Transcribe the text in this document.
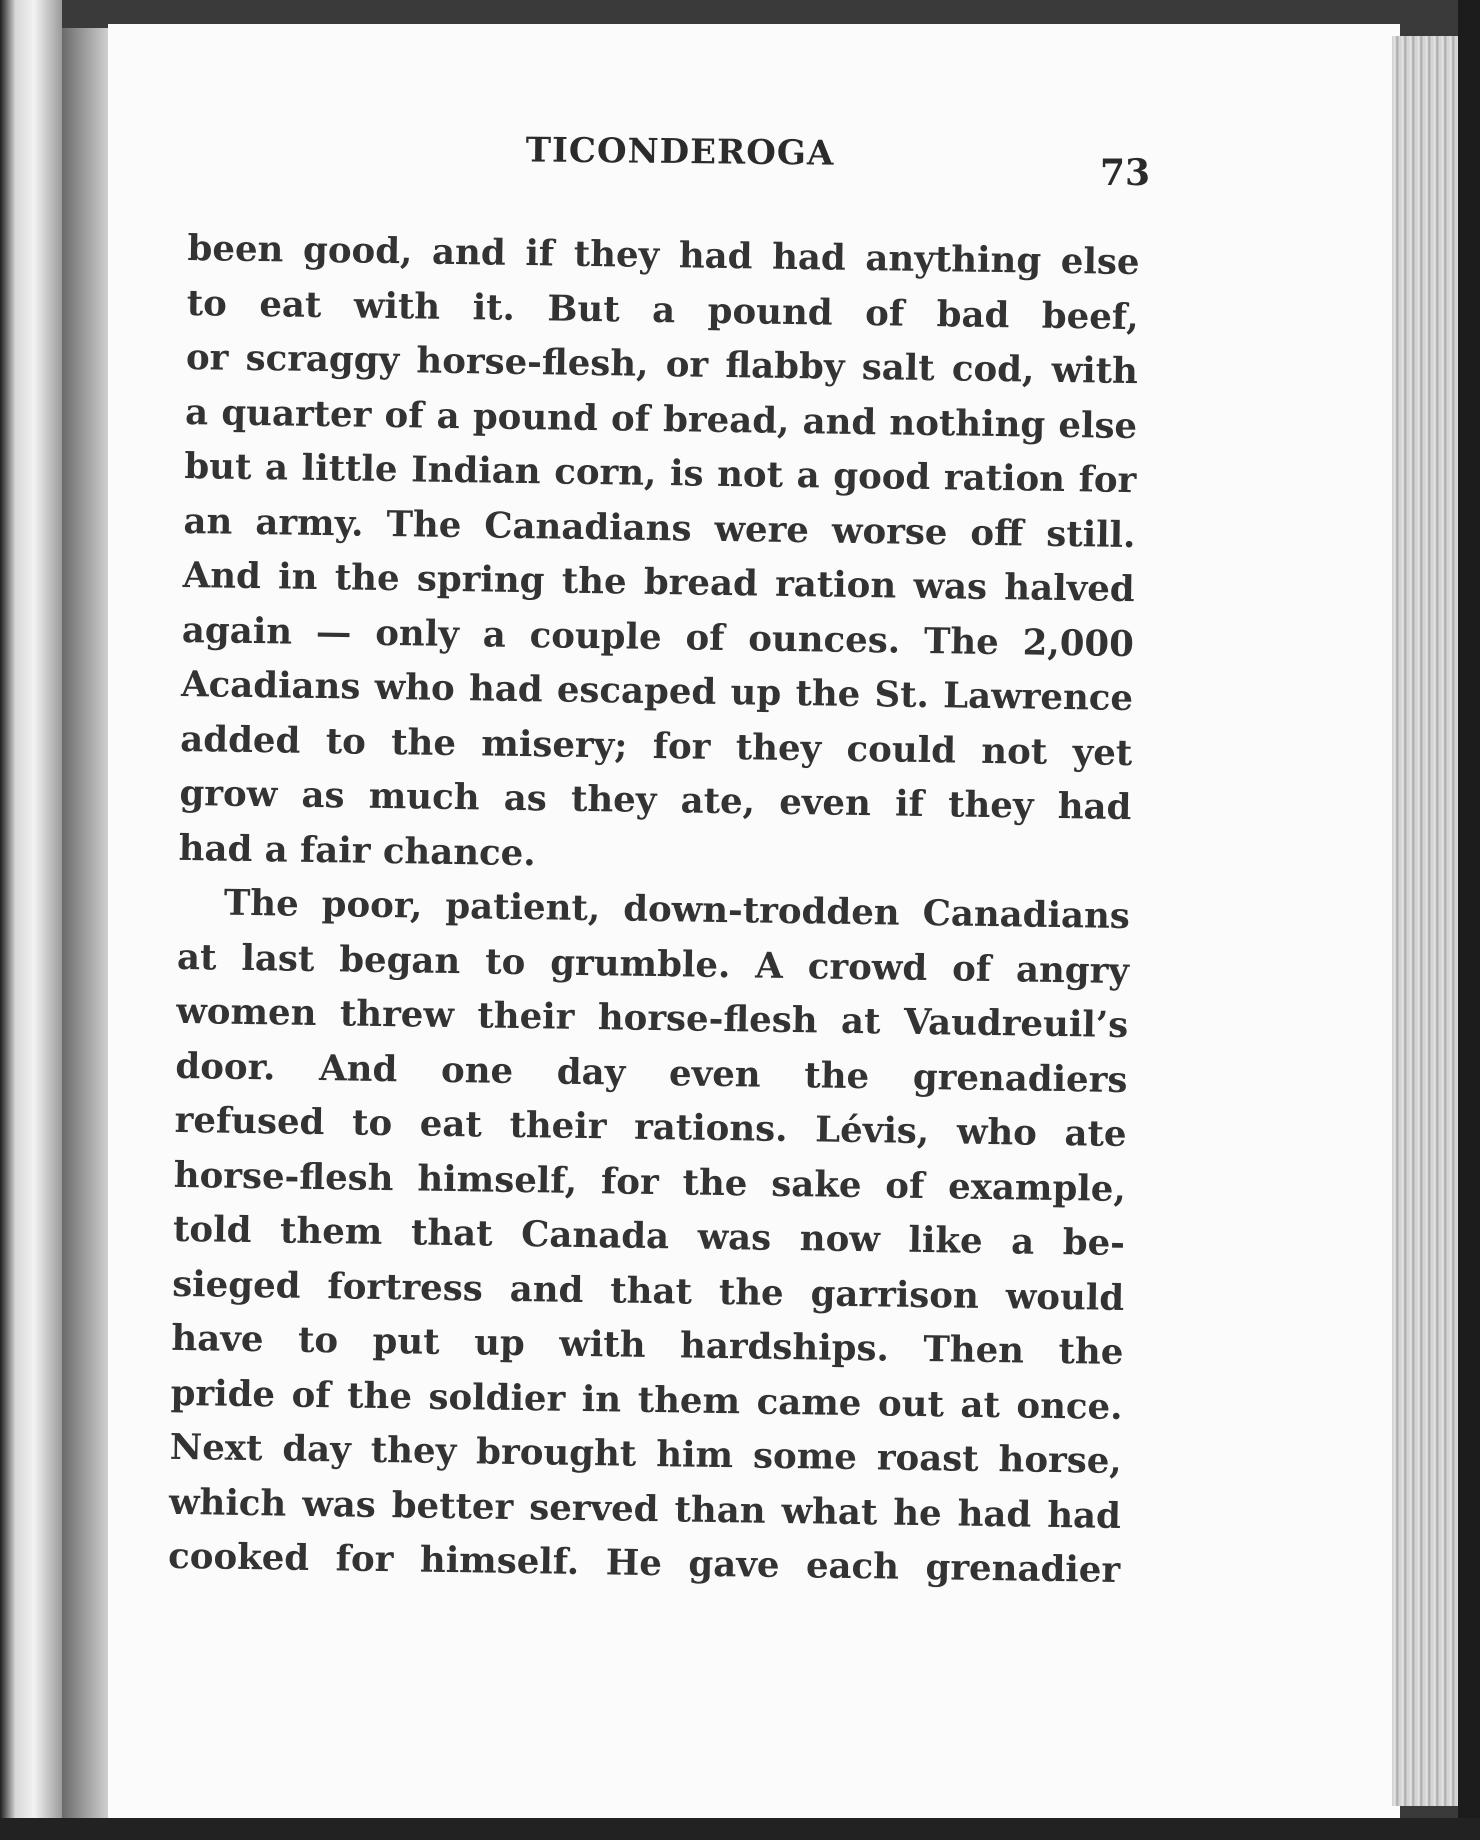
TICONDEROGA	73
been good, and if they had had anything else
to eat with it. But a pound of bad beef,
or scraggy horse-flesh, or flabby salt cod, with
a quarter of a pound of bread, and nothing else
but a little Indian corn, is not a good ration for
an army. The Canadians were worse off still.
And in the spring the bread ration was halved
again — only a couple of ounces. The 2,000
Acadians who had escaped up the St. Lawrence
added to the misery; for they could not yet
grow as much as they ate, even if they had
had a fair chance.
The poor, patient, down-trodden Canadians
at last began to grumble. A crowd of angry
women threw their horse-flesh at Vaudreuil’s
door. And one day even the grenadiers
refused to eat their rations. Lévis, who ate
horse-flesh himself, for the sake of example,
told them that Canada was now like a be-
sieged fortress and that the garrison would
have to put up with hardships. Then the
pride of the soldier in them came out at once.
Next day they brought him some roast horse,
which was better served than what he had had
cooked for himself. He gave each grenadier
